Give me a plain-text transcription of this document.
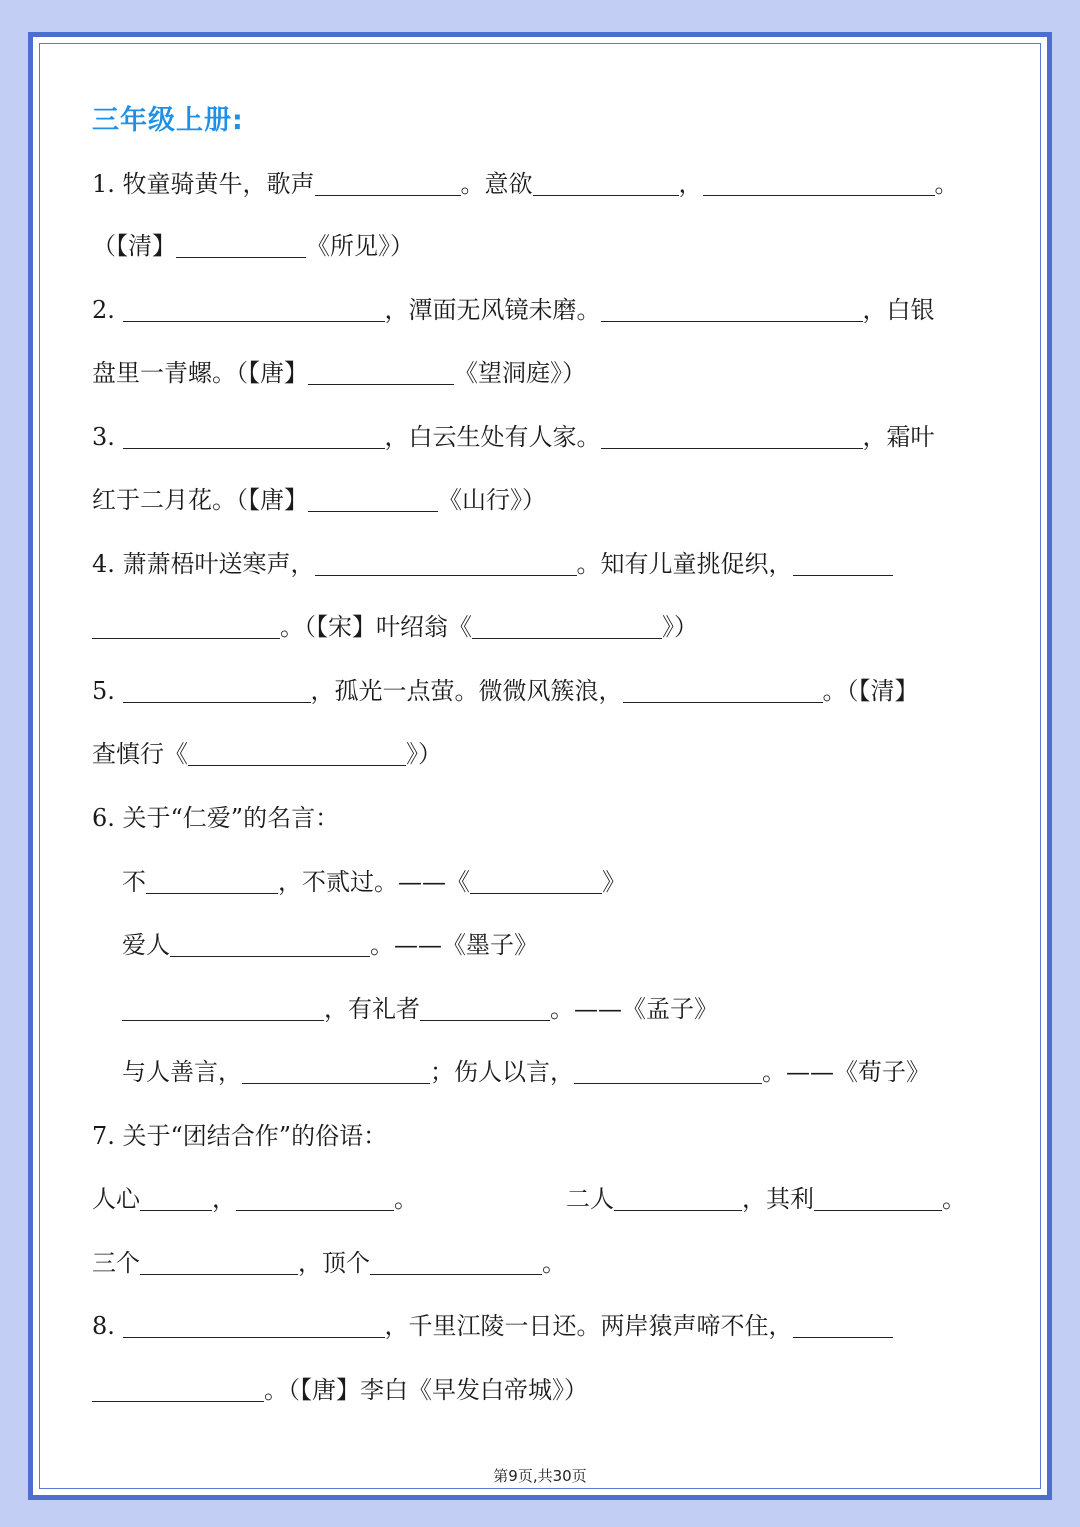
三年级上册:
1. 牧童骑黄牛，歌声	。意欲	，	。
（【清】	《所见》）
2.	，潭面无风镜未磨。	，白银
盘里一青螺。（【唐】	《望洞庭》）
3.	，白云生处有人家。	，霜叶
红于二月花。（【唐】	《山行》）
4. 萧萧梧叶送寒声，	。知有儿童挑促织，
。（【宋】叶绍翁《	》）
5.	，孤光一点萤。微微风簇浪，	。（【清】
查慎行《	》）
6. 关于“仁爱”的名言：
不	，不贰过。——《	》
爱人	。——《墨子》
，有礼者	。——《孟子》
与人善言，	；伤人以言，	。——《荀子》
7. 关于“团结合作”的俗语：
人心	，	。	二人	，其利	。
三个	，顶个	。
8.	，千里江陵一日还。两岸猿声啼不住，
。（【唐】李白《早发白帝城》）
第9页,共30页
